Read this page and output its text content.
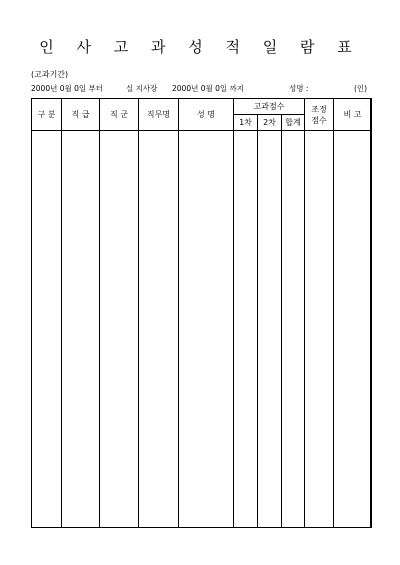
인 사 고 과 성 적 일 람 표
(고과기간)
2000년 0월 0일 부터	실 지사장 2000년 0월 0일 까지	성명 :	(인)
구 분	직 급	직 군	직무명	성 명	고과점수			조정점수	비 고
					1차	2차	합계		
